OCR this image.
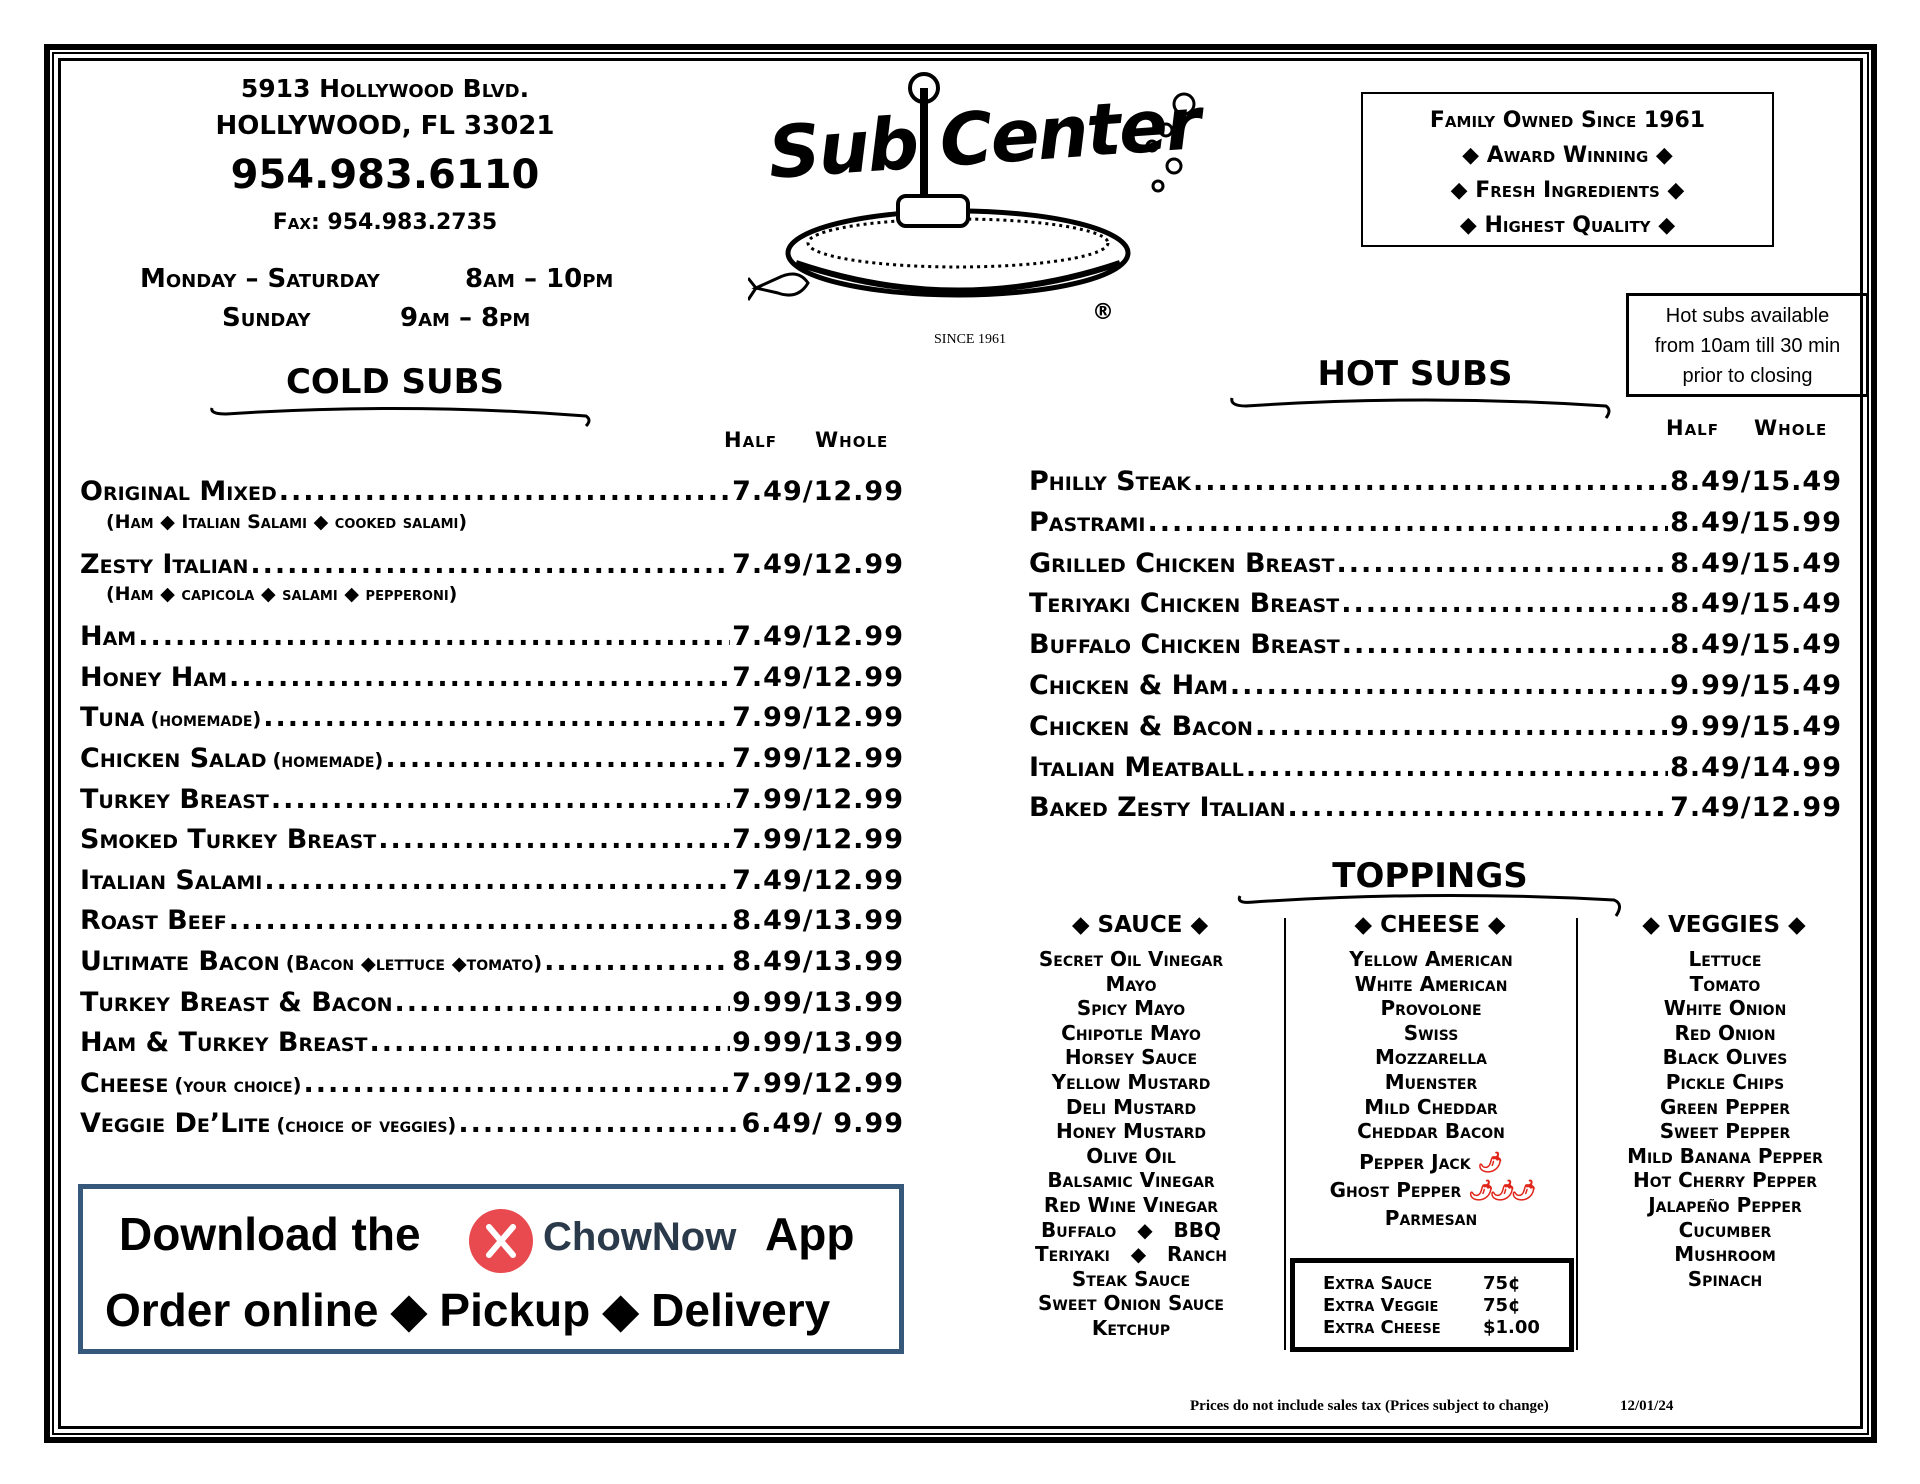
5913 Hollywood Blvd.
HOLLYWOOD, FL 33021
954.983.6110
Fax: 954.983.2735
Monday – Saturday	8am – 10pm
Sunday	9am – 8pm
Sub Center
®
SINCE 1961
Family Owned Since 1961
◆ Award Winning ◆
◆ Fresh Ingredients ◆
◆ Highest Quality ◆
Hot subs available
from 10am till 30 min
prior to closing
COLD SUBS
Half Whole
Original Mixed .....	7.49/12.99
(Ham ◆ Italian Salami ◆ cooked salami)
Zesty Italian .....	7.49/12.99
(Ham ◆ capicola ◆ salami ◆ pepperoni)
Ham .....	7.49/12.99
Honey Ham .....	7.49/12.99
Tuna (homemade) .....	7.99/12.99
Chicken Salad (homemade) .....	7.99/12.99
Turkey Breast .....	7.99/12.99
Smoked Turkey Breast .....	7.99/12.99
Italian Salami .....	7.49/12.99
Roast Beef .....	8.49/13.99
Ultimate Bacon (Bacon ◆lettuce ◆tomato) .....	8.49/13.99
Turkey Breast & Bacon .....	9.99/13.99
Ham & Turkey Breast .....	9.99/13.99
Cheese (your choice) .....	7.99/12.99
Veggie De’Lite (choice of veggies) .....	6.49/ 9.99
HOT SUBS
Half Whole
Philly Steak .....	8.49/15.49
Pastrami .....	8.49/15.99
Grilled Chicken Breast .....	8.49/15.49
Teriyaki Chicken Breast .....	8.49/15.49
Buffalo Chicken Breast .....	8.49/15.49
Chicken & Ham .....	9.99/15.49
Chicken & Bacon .....	9.99/15.49
Italian Meatball .....	8.49/14.99
Baked Zesty Italian .....	7.49/12.99
TOPPINGS
◆ SAUCE ◆	◆ CHEESE ◆	◆ VEGGIES ◆
Secret Oil Vinegar
Mayo
Spicy Mayo
Chipotle Mayo
Horsey Sauce
Yellow Mustard
Deli Mustard
Honey Mustard
Olive Oil
Balsamic Vinegar
Red Wine Vinegar
Buffalo   ◆   BBQ
Teriyaki   ◆   Ranch
Steak Sauce
Sweet Onion Sauce
Ketchup
Yellow American
White American
Provolone
Swiss
Mozzarella
Muenster
Mild Cheddar
Cheddar Bacon
Pepper Jack 🌶
Ghost Pepper 🌶🌶🌶
Parmesan
Lettuce
Tomato
White Onion
Red Onion
Black Olives
Pickle Chips
Green Pepper
Sweet Pepper
Mild Banana Pepper
Hot Cherry Pepper
Jalapeño Pepper
Cucumber
Mushroom
Spinach
Extra Sauce	75¢
Extra Veggie	75¢
Extra Cheese	$1.00
Download the	ChowNow App
Order online ◆ Pickup ◆ Delivery
Prices do not include sales tax (Prices subject to change)	12/01/24
